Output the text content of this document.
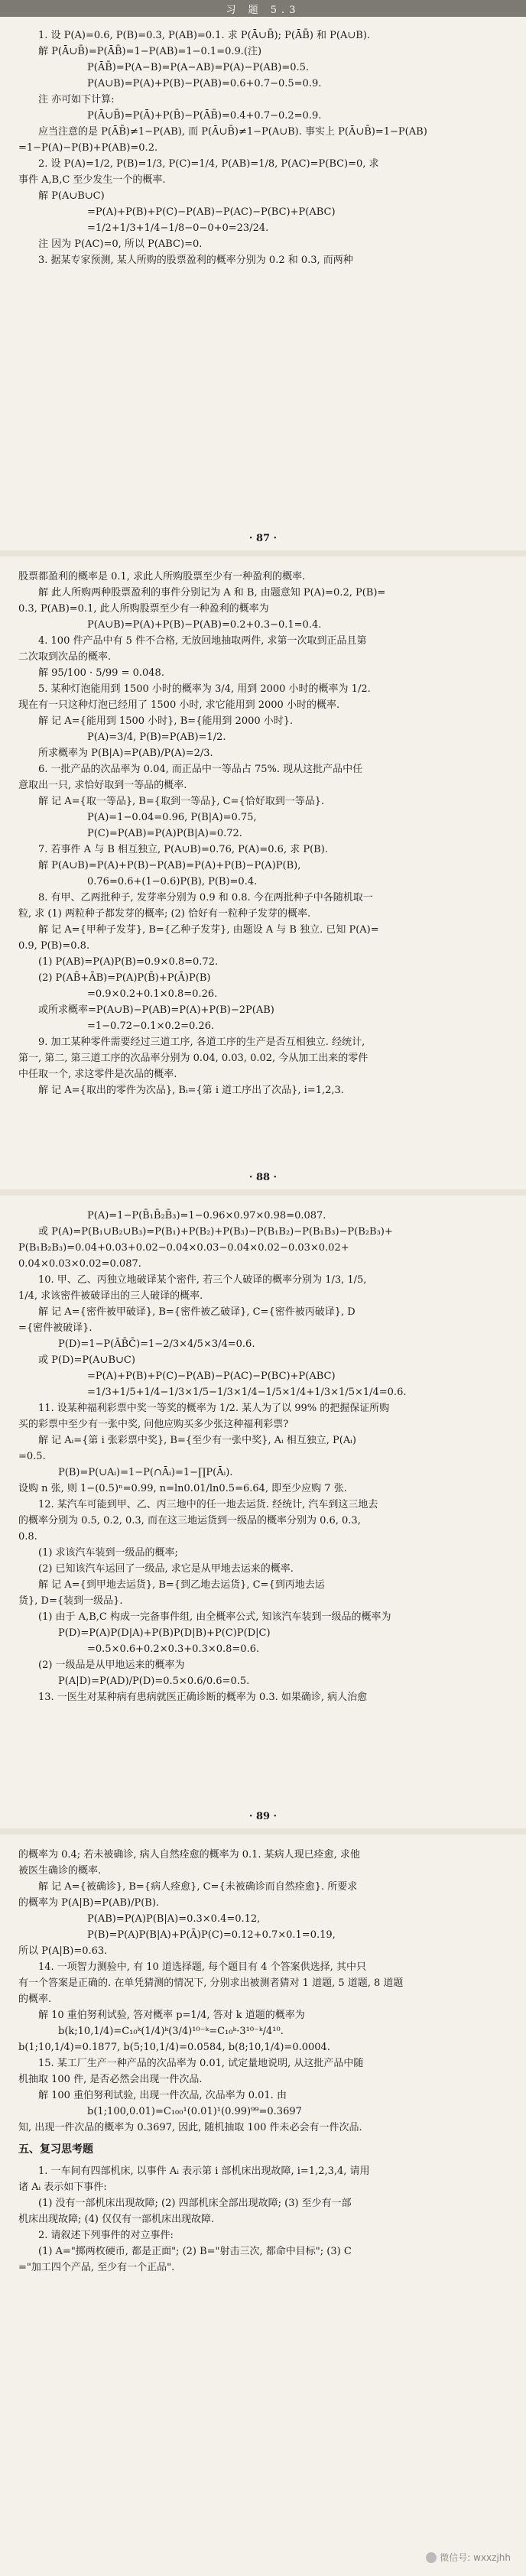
习 题 5.3

1. 设 P(A)=0.6, P(B)=0.3, P(AB)=0.1. 求 P(Ā∪B̄); P(ĀB̄) 和 P(A∪B).

解 P(Ā∪B̄)=P(ĀB̄)=1−P(AB)=1−0.1=0.9.(注)

P(ĀB̄)=P(A−B)=P(A−AB)=P(A)−P(AB)=0.5.

P(A∪B)=P(A)+P(B)−P(AB)=0.6+0.7−0.5=0.9.

注 亦可如下计算:

P(Ā∪B̄)=P(Ā)+P(B̄)−P(ĀB̄)=0.4+0.7−0.2=0.9.

应当注意的是 P(ĀB̄)≠1−P(AB), 而 P(Ā∪B̄)≠1−P(A∪B). 事实上 P(Ā∪B̄)=1−P(AB)

=1−P(A)−P(B)+P(AB)=0.2.

2. 设 P(A)=1/2, P(B)=1/3, P(C)=1/4, P(AB)=1/8, P(AC)=P(BC)=0, 求

事件 A,B,C 至少发生一个的概率.

解 P(A∪B∪C)

=P(A)+P(B)+P(C)−P(AB)−P(AC)−P(BC)+P(ABC)

=1/2+1/3+1/4−1/8−0−0+0=23/24.

注 因为 P(AC)=0, 所以 P(ABC)=0.

3. 据某专家预测, 某人所购的股票盈利的概率分别为 0.2 和 0.3, 而两种

· 87 ·

股票都盈利的概率是 0.1, 求此人所购股票至少有一种盈利的概率.

解 此人所购两种股票盈利的事件分别记为 A 和 B, 由题意知 P(A)=0.2, P(B)=

0.3, P(AB)=0.1, 此人所购股票至少有一种盈利的概率为

P(A∪B)=P(A)+P(B)−P(AB)=0.2+0.3−0.1=0.4.

4. 100 件产品中有 5 件不合格, 无放回地抽取两件, 求第一次取到正品且第

二次取到次品的概率.

解 95/100 · 5/99 = 0.048.

5. 某种灯泡能用到 1500 小时的概率为 3/4, 用到 2000 小时的概率为 1/2.

现在有一只这种灯泡已经用了 1500 小时, 求它能用到 2000 小时的概率.

解 记 A={能用到 1500 小时}, B={能用到 2000 小时}.

P(A)=3/4, P(B)=P(AB)=1/2.

所求概率为 P(B|A)=P(AB)/P(A)=2/3.

6. 一批产品的次品率为 0.04, 而正品中一等品占 75%. 现从这批产品中任

意取出一只, 求恰好取到一等品的概率.

解 记 A={取一等品}, B={取到一等品}, C={恰好取到一等品}.

P(A)=1−0.04=0.96, P(B|A)=0.75,

P(C)=P(AB)=P(A)P(B|A)=0.72.

7. 若事件 A 与 B 相互独立, P(A∪B)=0.76, P(A)=0.6, 求 P(B).

解 P(A∪B)=P(A)+P(B)−P(AB)=P(A)+P(B)−P(A)P(B),

0.76=0.6+(1−0.6)P(B), P(B)=0.4.

8. 有甲、乙两批种子, 发芽率分别为 0.9 和 0.8. 今在两批种子中各随机取一

粒, 求 (1) 两粒种子都发芽的概率; (2) 恰好有一粒种子发芽的概率.

解 记 A={甲种子发芽}, B={乙种子发芽}, 由题设 A 与 B 独立. 已知 P(A)=

0.9, P(B)=0.8.

(1) P(AB)=P(A)P(B)=0.9×0.8=0.72.

(2) P(AB̄+ĀB)=P(A)P(B̄)+P(Ā)P(B)

=0.9×0.2+0.1×0.8=0.26.

或所求概率=P(A∪B)−P(AB)=P(A)+P(B)−2P(AB)

=1−0.72−0.1×0.2=0.26.

9. 加工某种零件需要经过三道工序, 各道工序的生产是否互相独立. 经统计,

第一, 第二, 第三道工序的次品率分别为 0.04, 0.03, 0.02, 今从加工出来的零件

中任取一个, 求这零件是次品的概率.

解 记 A={取出的零件为次品}, Bᵢ={第 i 道工序出了次品}, i=1,2,3.

· 88 ·

P(A)=1−P(B̄₁B̄₂B̄₃)=1−0.96×0.97×0.98=0.087.

或 P(A)=P(B₁∪B₂∪B₃)=P(B₁)+P(B₂)+P(B₃)−P(B₁B₂)−P(B₁B₃)−P(B₂B₃)+

P(B₁B₂B₃)=0.04+0.03+0.02−0.04×0.03−0.04×0.02−0.03×0.02+

0.04×0.03×0.02=0.087.

10. 甲、乙、丙独立地破译某个密件, 若三个人破译的概率分别为 1/3, 1/5,

1/4, 求该密件被破译出的三人破译的概率.

解 记 A={密件被甲破译}, B={密件被乙破译}, C={密件被丙破译}, D

={密件被破译}.

P(D)=1−P(ĀB̄C̄)=1−2/3×4/5×3/4=0.6.

或 P(D)=P(A∪B∪C)

=P(A)+P(B)+P(C)−P(AB)−P(AC)−P(BC)+P(ABC)

=1/3+1/5+1/4−1/3×1/5−1/3×1/4−1/5×1/4+1/3×1/5×1/4=0.6.

11. 设某种福利彩票中奖一等奖的概率为 1/2. 某人为了以 99% 的把握保证所购

买的彩票中至少有一张中奖, 问他应购买多少张这种福利彩票?

解 记 Aᵢ={第 i 张彩票中奖}, B={至少有一张中奖}, Aᵢ 相互独立, P(Aᵢ)

=0.5.

P(B)=P(∪Aᵢ)=1−P(∩Āᵢ)=1−∏P(Āᵢ).

设购 n 张, 则 1−(0.5)ⁿ=0.99, n=ln0.01/ln0.5=6.64, 即至少应购 7 张.

12. 某汽车可能到甲、乙、丙三地中的任一地去运货. 经统计, 汽车到这三地去

的概率分别为 0.5, 0.2, 0.3, 而在这三地运货到一级品的概率分别为 0.6, 0.3,

0.8.

(1) 求该汽车装到一级品的概率;

(2) 已知该汽车运回了一级品, 求它是从甲地去运来的概率.

解 记 A={到甲地去运货}, B={到乙地去运货}, C={到丙地去运

货}, D={装到一级品}.

(1) 由于 A,B,C 构成一完备事件组, 由全概率公式, 知该汽车装到一级品的概率为

P(D)=P(A)P(D|A)+P(B)P(D|B)+P(C)P(D|C)

=0.5×0.6+0.2×0.3+0.3×0.8=0.6.

(2) 一级品是从甲地运来的概率为

P(A|D)=P(AD)/P(D)=0.5×0.6/0.6=0.5.

13. 一医生对某种病有患病就医正确诊断的概率为 0.3. 如果确诊, 病人治愈

· 89 ·

的概率为 0.4; 若未被确诊, 病人自然痊愈的概率为 0.1. 某病人现已痊愈, 求他

被医生确诊的概率.

解 记 A={被确诊}, B={病人痊愈}, C={未被确诊而自然痊愈}. 所要求

的概率为 P(A|B)=P(AB)/P(B).

P(AB)=P(A)P(B|A)=0.3×0.4=0.12,

P(B)=P(A)P(B|A)+P(Ā)P(C)=0.12+0.7×0.1=0.19,

所以 P(A|B)=0.63.

14. 一项智力测验中, 有 10 道选择题, 每个题目有 4 个答案供选择, 其中只

有一个答案是正确的. 在单凭猜测的情况下, 分别求出被测者猜对 1 道题, 5 道题, 8 道题

的概率.

解 10 重伯努利试验, 答对概率 p=1/4, 答对 k 道题的概率为

b(k;10,1/4)=C₁₀ᵏ(1/4)ᵏ(3/4)¹⁰⁻ᵏ=C₁₀ᵏ·3¹⁰⁻ᵏ/4¹⁰.

b(1;10,1/4)=0.1877, b(5;10,1/4)=0.0584, b(8;10,1/4)=0.0004.

15. 某工厂生产一种产品的次品率为 0.01, 试定量地说明, 从这批产品中随

机抽取 100 件, 是否必然会出现一件次品.

解 100 重伯努利试验, 出现一件次品, 次品率为 0.01. 由

b(1;100,0.01)=C₁₀₀¹(0.01)¹(0.99)⁹⁹=0.3697

知, 出现一件次品的概率为 0.3697, 因此, 随机抽取 100 件未必会有一件次品.

五、复习思考题

1. 一车间有四部机床, 以事件 Aᵢ 表示第 i 部机床出现故障, i=1,2,3,4, 请用

诸 Aᵢ 表示如下事件:

(1) 没有一部机床出现故障; (2) 四部机床全部出现故障; (3) 至少有一部

机床出现故障; (4) 仅仅有一部机床出现故障.

2. 请叙述下列事件的对立事件:

(1) A="掷两枚硬币, 都是正面"; (2) B="射击三次, 都命中目标"; (3) C

="加工四个产品, 至少有一个正品".

微信号: wxxzjhh
